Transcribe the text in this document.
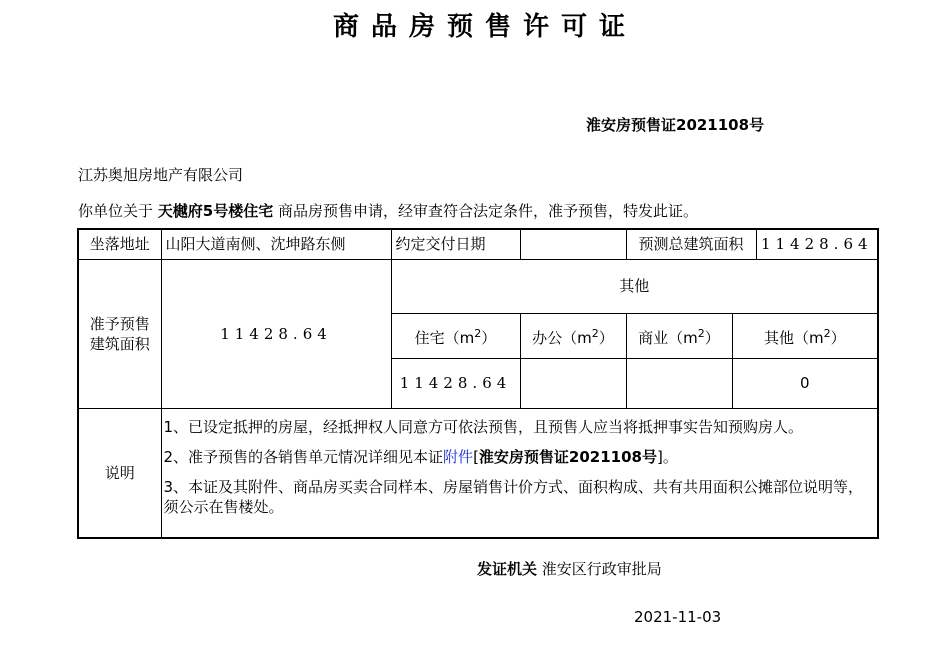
商品房预售许可证
淮安房预售证2021108号
江苏奥旭房地产有限公司
你单位关于 天樾府5号楼住宅 商品房预售申请，经审查符合法定条件，准予预售，特发此证。
坐落地址	山阳大道南侧、沈坤路东侧	约定交付日期		预测总建筑面积		11428.64
准予预售建筑面积	11428.64	其他				
		住宅$(m^2)$	办公$(m^2)$	商业$(m^2)$	其他$(m^2)$	
		11428.64			0	
说明	1、已设定抵押的房屋，经抵押权人同意方可依法预售，且预售人应当将抵押事实告知预购房人。

2、准予预售的各销售单元情况详细见本证附件[淮安房预售证2021108号]。

3、本证及其附件、商品房买卖合同样本、房屋销售计价方式、面积构成、共有共用面积公摊部位说明等，须公示在售楼处。					

发证机关 淮安区行政审批局
2021-11-03
